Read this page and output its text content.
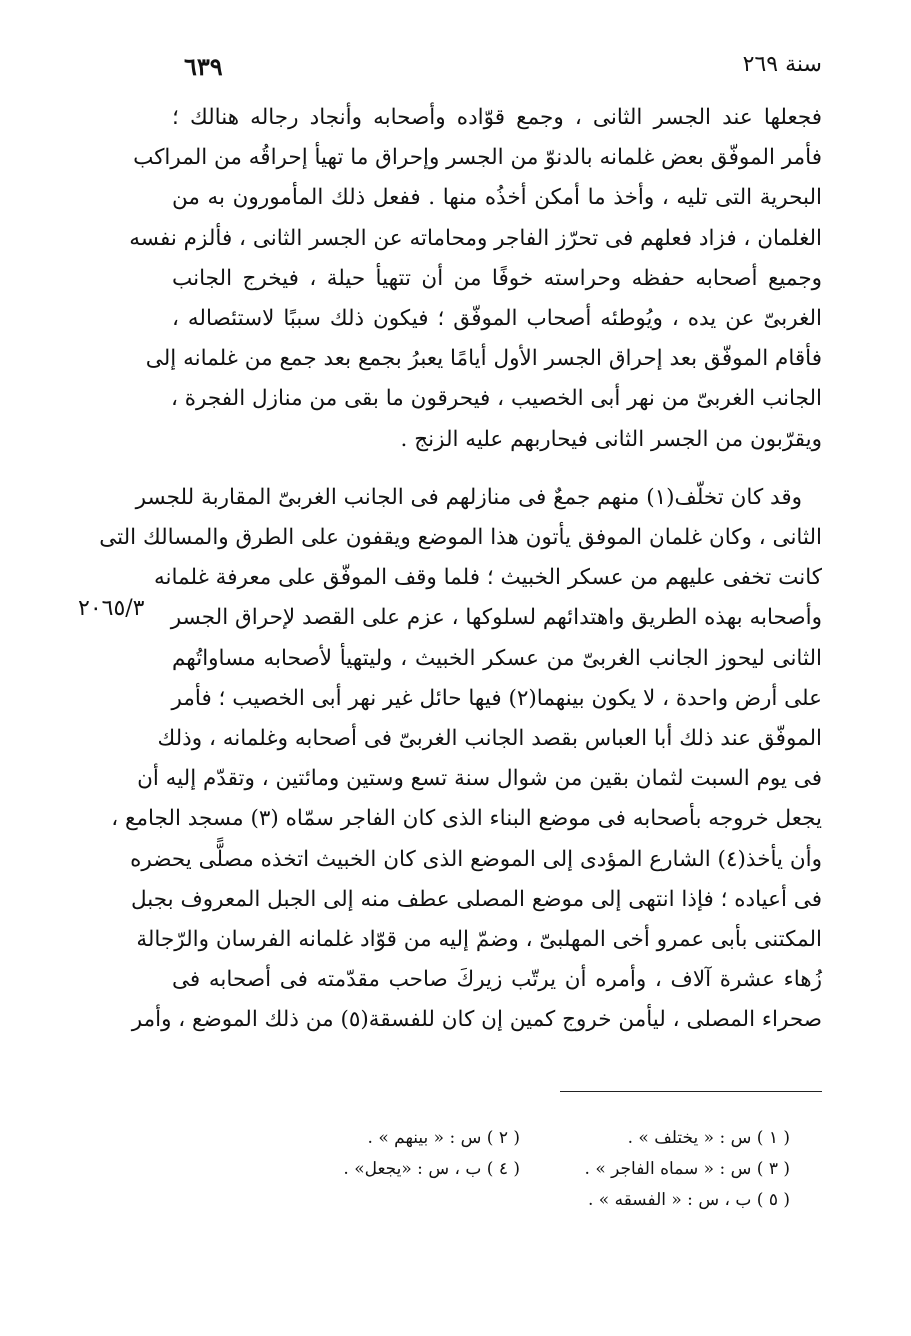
سنة ٢٦٩
٦٣٩
فجعلها عند الجسر الثانى ، وجمع قوّاده وأصحابه وأنجاد رجاله هنالك ؛
فأمر الموفّق بعض غلمانه بالدنوّ من الجسر وإحراق ما تهيأ إحراقُه من المراكب
البحرية التى تليه ، وأخذ ما أمكن أخذُه منها . ففعل ذلك المأمورون به من
الغلمان ، فزاد فعلهم فى تحرّز الفاجر ومحاماته عن الجسر الثانى ، فألزم نفسه
وجميع أصحابه حفظه وحراسته خوفًا من أن تتهيأ حيلة ، فيخرج الجانب
الغربىّ عن يده ، ويُوطئه أصحاب الموفّق ؛ فيكون ذلك سببًا لاستئصاله ،
فأقام الموفّق بعد إحراق الجسر الأول أيامًا يعبرُ بجمع بعد جمع من غلمانه إلى
الجانب الغربىّ من نهر أبى الخصيب ، فيحرقون ما بقى من منازل الفجرة ،
ويقرّبون من الجسر الثانى فيحاربهم عليه الزنج .
وقد كان تخلّف(١) منهم جمعٌ فى منازلهم فى الجانب الغربىّ المقاربة للجسر
الثانى ، وكان غلمان الموفق يأتون هذا الموضع ويقفون على الطرق والمسالك التى
كانت تخفى عليهم من عسكر الخبيث ؛ فلما وقف الموفّق على معرفة غلمانه
وأصحابه بهذه الطريق واهتدائهم لسلوكها ، عزم على القصد لإحراق الجسر
الثانى ليحوز الجانب الغربىّ من عسكر الخبيث ، وليتهيأ لأصحابه مساواتُهم
على أرض واحدة ، لا يكون بينهما(٢) فيها حائل غير نهر أبى الخصيب ؛ فأمر
الموفّق عند ذلك أبا العباس بقصد الجانب الغربىّ فى أصحابه وغلمانه ، وذلك
فى يوم السبت لثمان بقين من شوال سنة تسع وستين ومائتين ، وتقدّم إليه أن
يجعل خروجه بأصحابه فى موضع البناء الذى كان الفاجر سمّاه (٣) مسجد الجامع ،
وأن يأخذ(٤) الشارع المؤدى إلى الموضع الذى كان الخبيث اتخذه مصلًّى يحضره
فى أعياده ؛ فإذا انتهى إلى موضع المصلى عطف منه إلى الجبل المعروف بجبل
المكتنى بأبى عمرو أخى المهلبىّ ، وضمّ إليه من قوّاد غلمانه الفرسان والرّجالة
زُهاء عشرة آلاف ، وأمره أن يرتّب زيركَ صاحب مقدّمته فى أصحابه فى
صحراء المصلى ، ليأمن خروج كمين إن كان للفسقة(٥) من ذلك الموضع ، وأمر
٢٠٦٥/٣
( ١ ) س : « يختلف » .
( ٢ ) س : « بينهم » .
( ٣ ) س : « سماه الفاجر » .
( ٤ ) ب ، س : «يجعل» .
( ٥ ) ب ، س : « الفسقه » .
